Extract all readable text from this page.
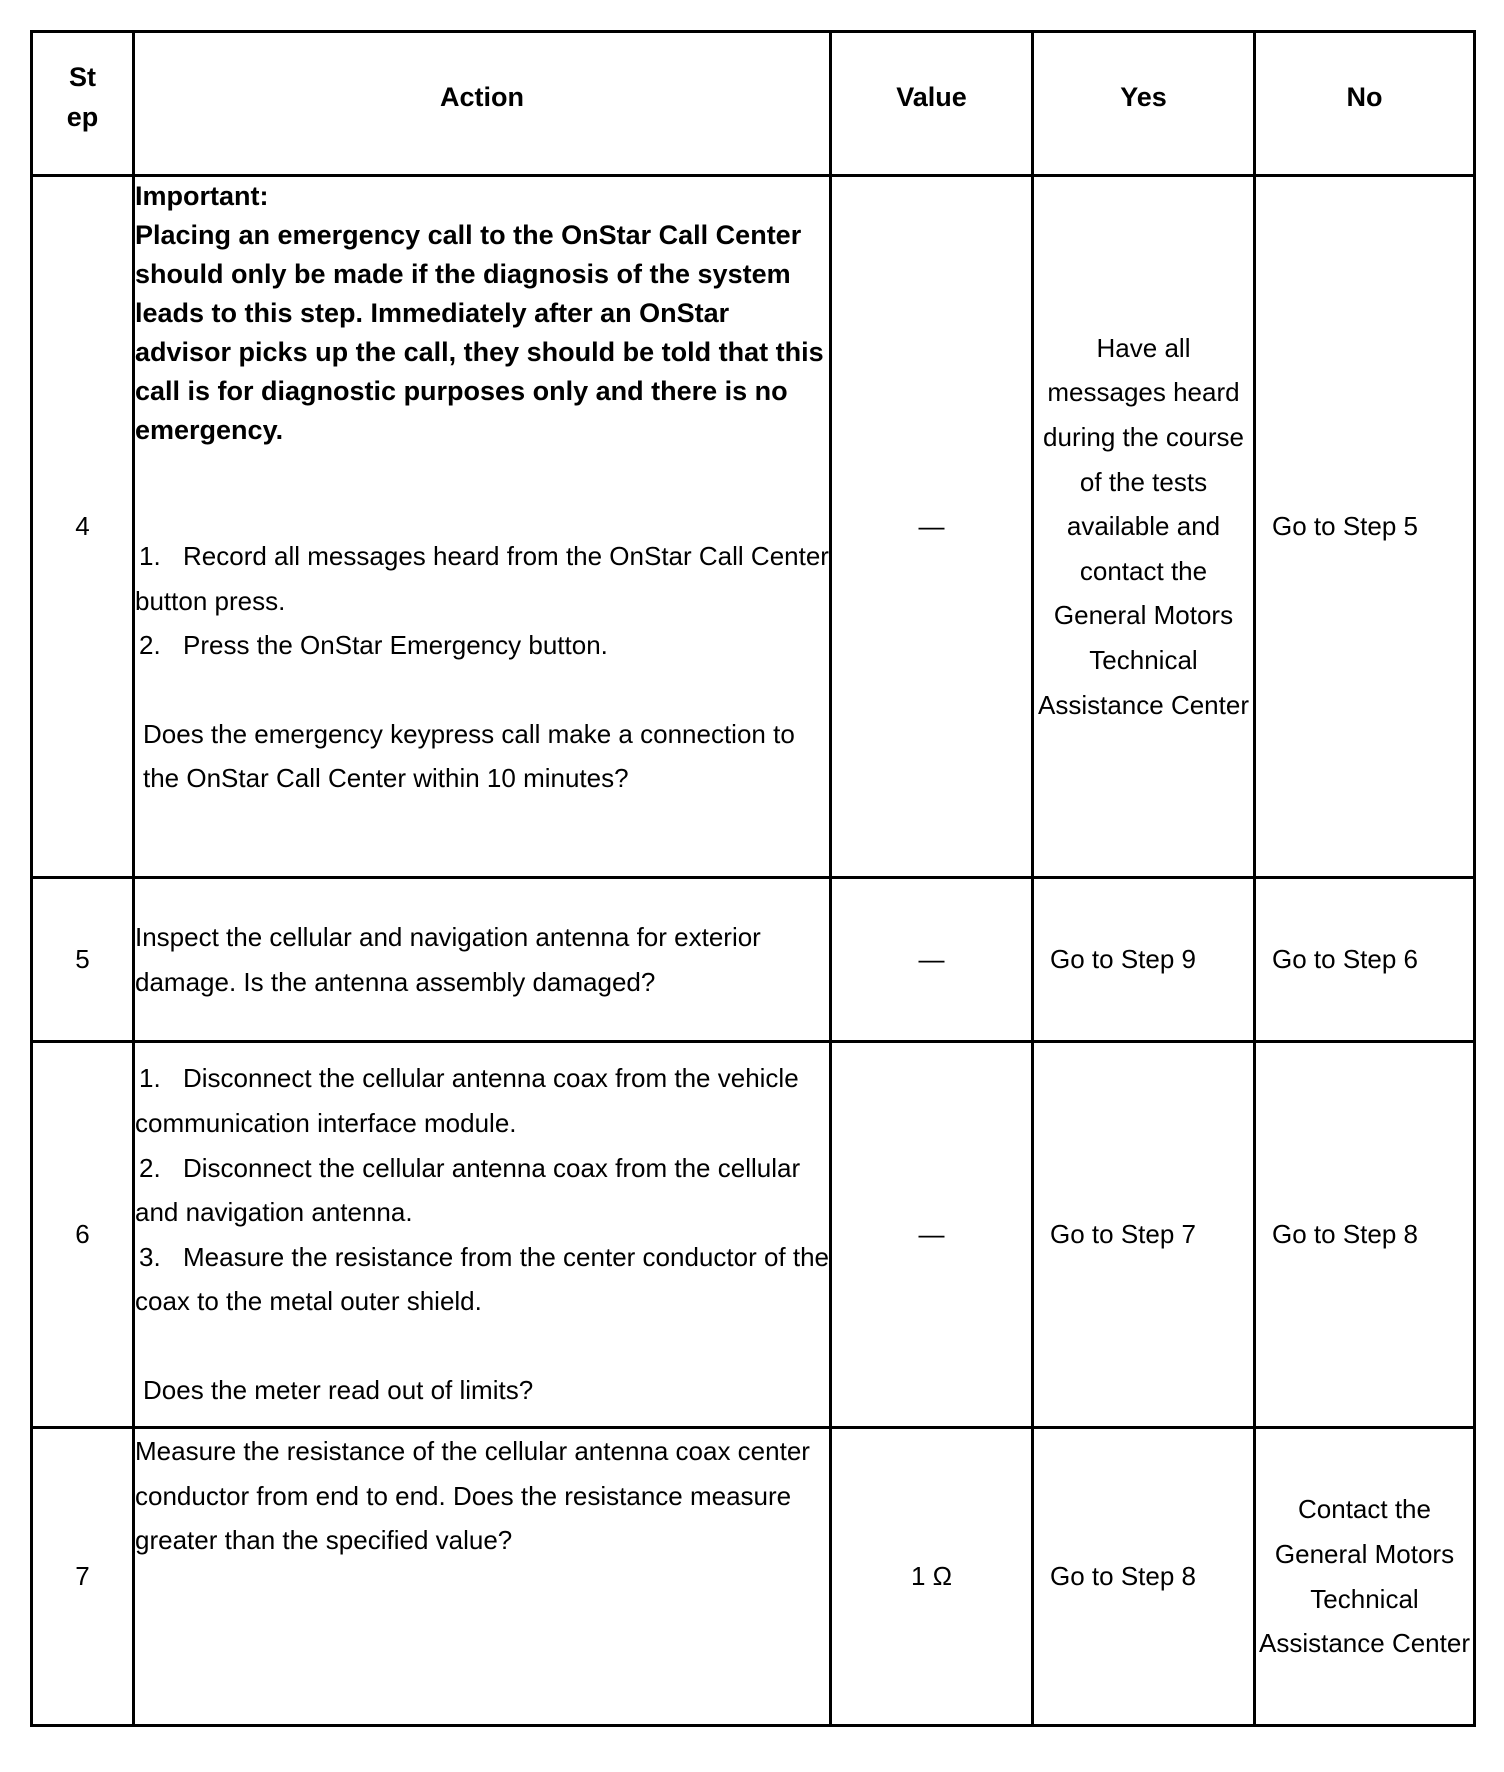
St ep	Action	Value	Yes	No

4	Important:
Placing an emergency call to the OnStar Call Center should only be made if the diagnosis of the system leads to this step. Immediately after an OnStar advisor picks up the call, they should be told that this call is for diagnostic purposes only and there is no emergency.
1. Record all messages heard from the OnStar Call Center button press.
2. Press the OnStar Emergency button.
Does the emergency keypress call make a connection to the OnStar Call Center within 10 minutes?	—	Have all messages heard during the course of the tests available and contact the General Motors Technical Assistance Center	Go to Step 5
5	Inspect the cellular and navigation antenna for exterior damage. Is the antenna assembly damaged?	—	Go to Step 9	Go to Step 6
6	1. Disconnect the cellular antenna coax from the vehicle communication interface module.
2. Disconnect the cellular antenna coax from the cellular and navigation antenna.
3. Measure the resistance from the center conductor of the coax to the metal outer shield.
Does the meter read out of limits?	—	Go to Step 7	Go to Step 8
7	Measure the resistance of the cellular antenna coax center conductor from end to end. Does the resistance measure greater than the specified value?	1 Ω	Go to Step 8	Contact the General Motors Technical Assistance Center
